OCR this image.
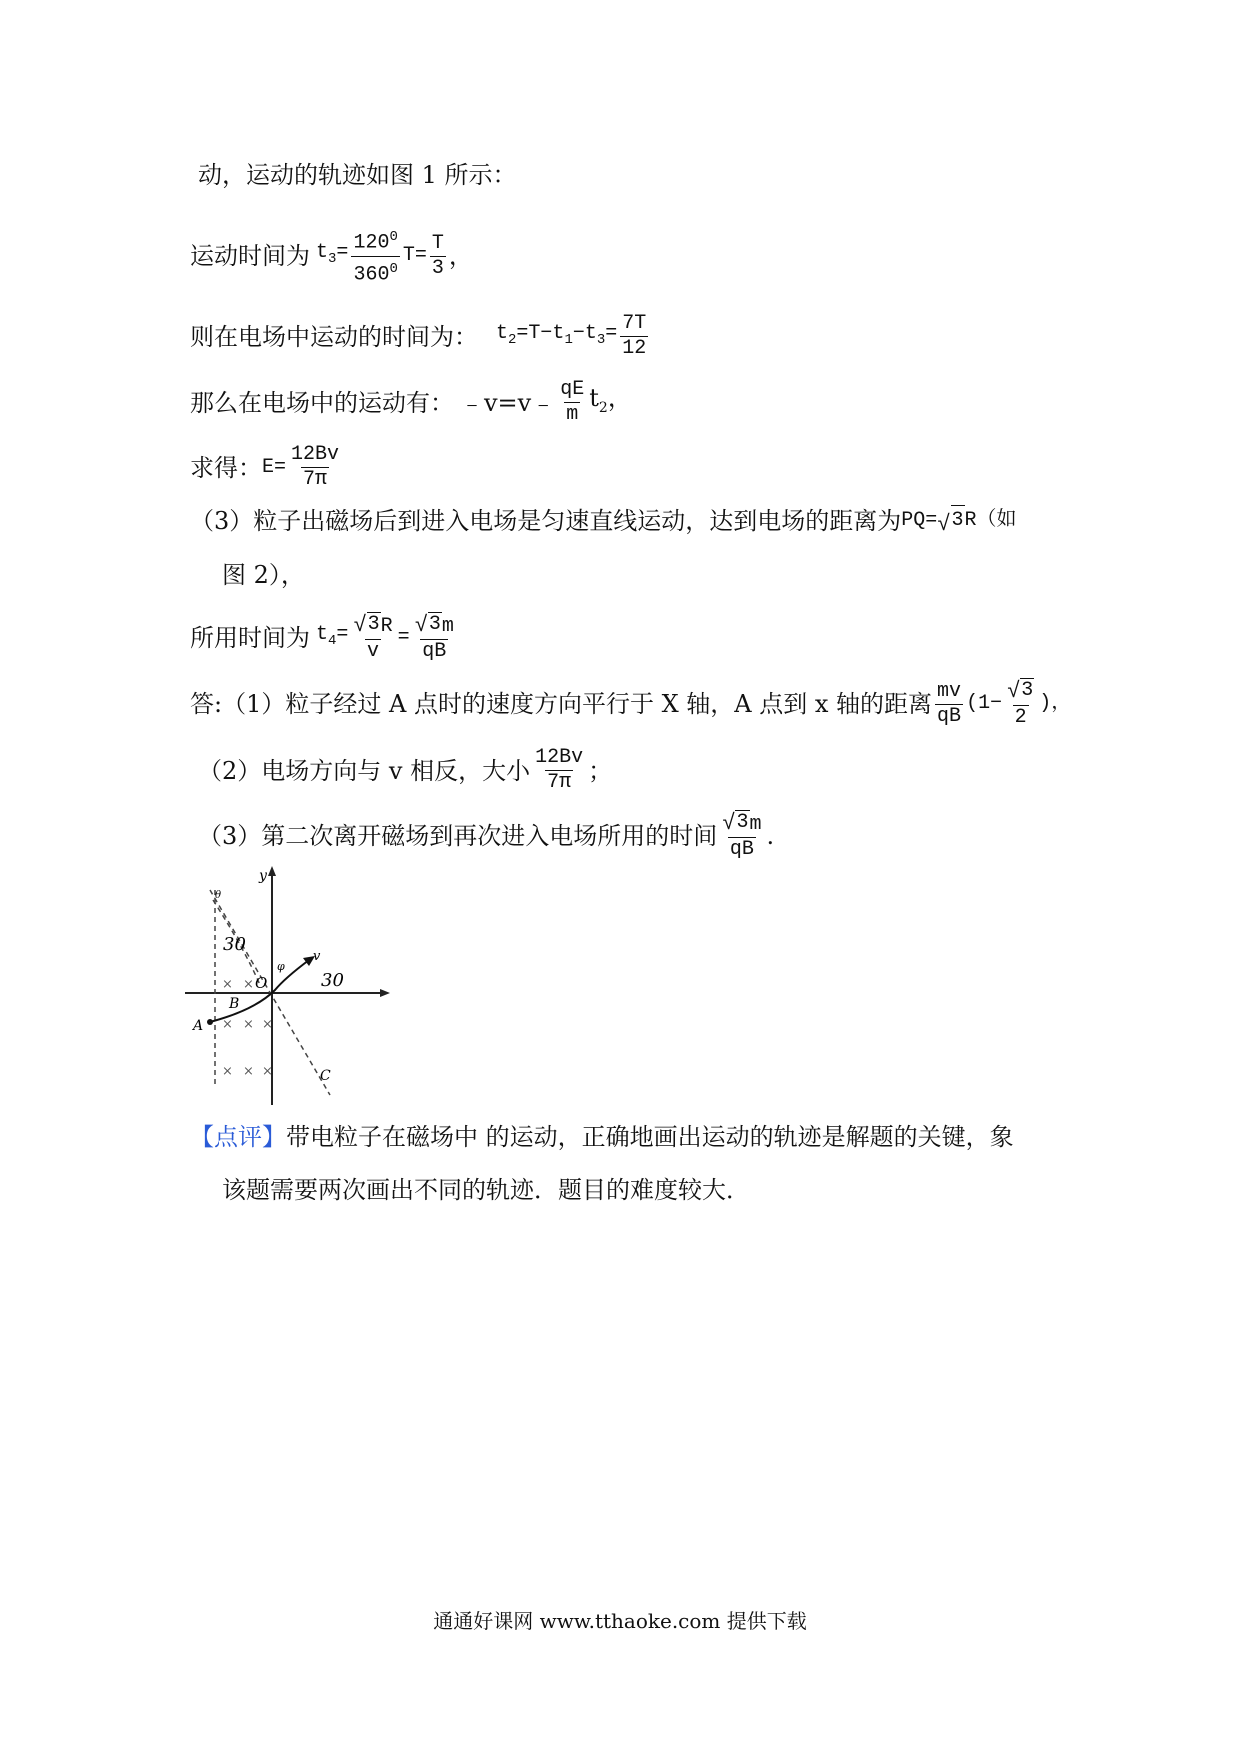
动，运动的轨迹如图 1 所示：
运动时间为 $t_3= \frac{120^0}{360^0} T= \frac{T}{3}$ ，
则在电场中运动的时间为： $t_2=T-t_1-t_3= \frac{7T}{12}$
那么在电场中的运动有： ﹣v=v﹣ $\frac{qE}{m} t_2$，
求得： $E= \frac{12Bv}{7\pi}$
（3）粒子出磁场后到进入电场是匀速直线运动，达到电场的距离为 PQ= √ 3 R（如
图 2），
所用时间为 $t_4= \frac{√ 3 R}{v} = \frac{√ 3 m}{qB}$
答:（1）粒子经过 A 点时的速度方向平行于 X 轴，A 点到 x 轴的距离 $\frac{mv}{qB} (1- \frac{√ 3}{2}$ )，
（2）电场方向与 v 相反，大小 $\frac{12Bv}{7\pi}$ ；
（3）第二次离开磁场到再次进入电场所用的时间 $\frac{√ 3 m}{qB}$ .
y
30
30
O
B
A
C
v
φ
θ
× ×
× × ×
× × ×
【点评】 带电粒子在磁场中 的运动，正确地画出运动的轨迹是解题的关键，象
该题需要两次画出不同的轨迹．题目的难度较大．
通通好课网 www.tthaoke.com 提供下载
